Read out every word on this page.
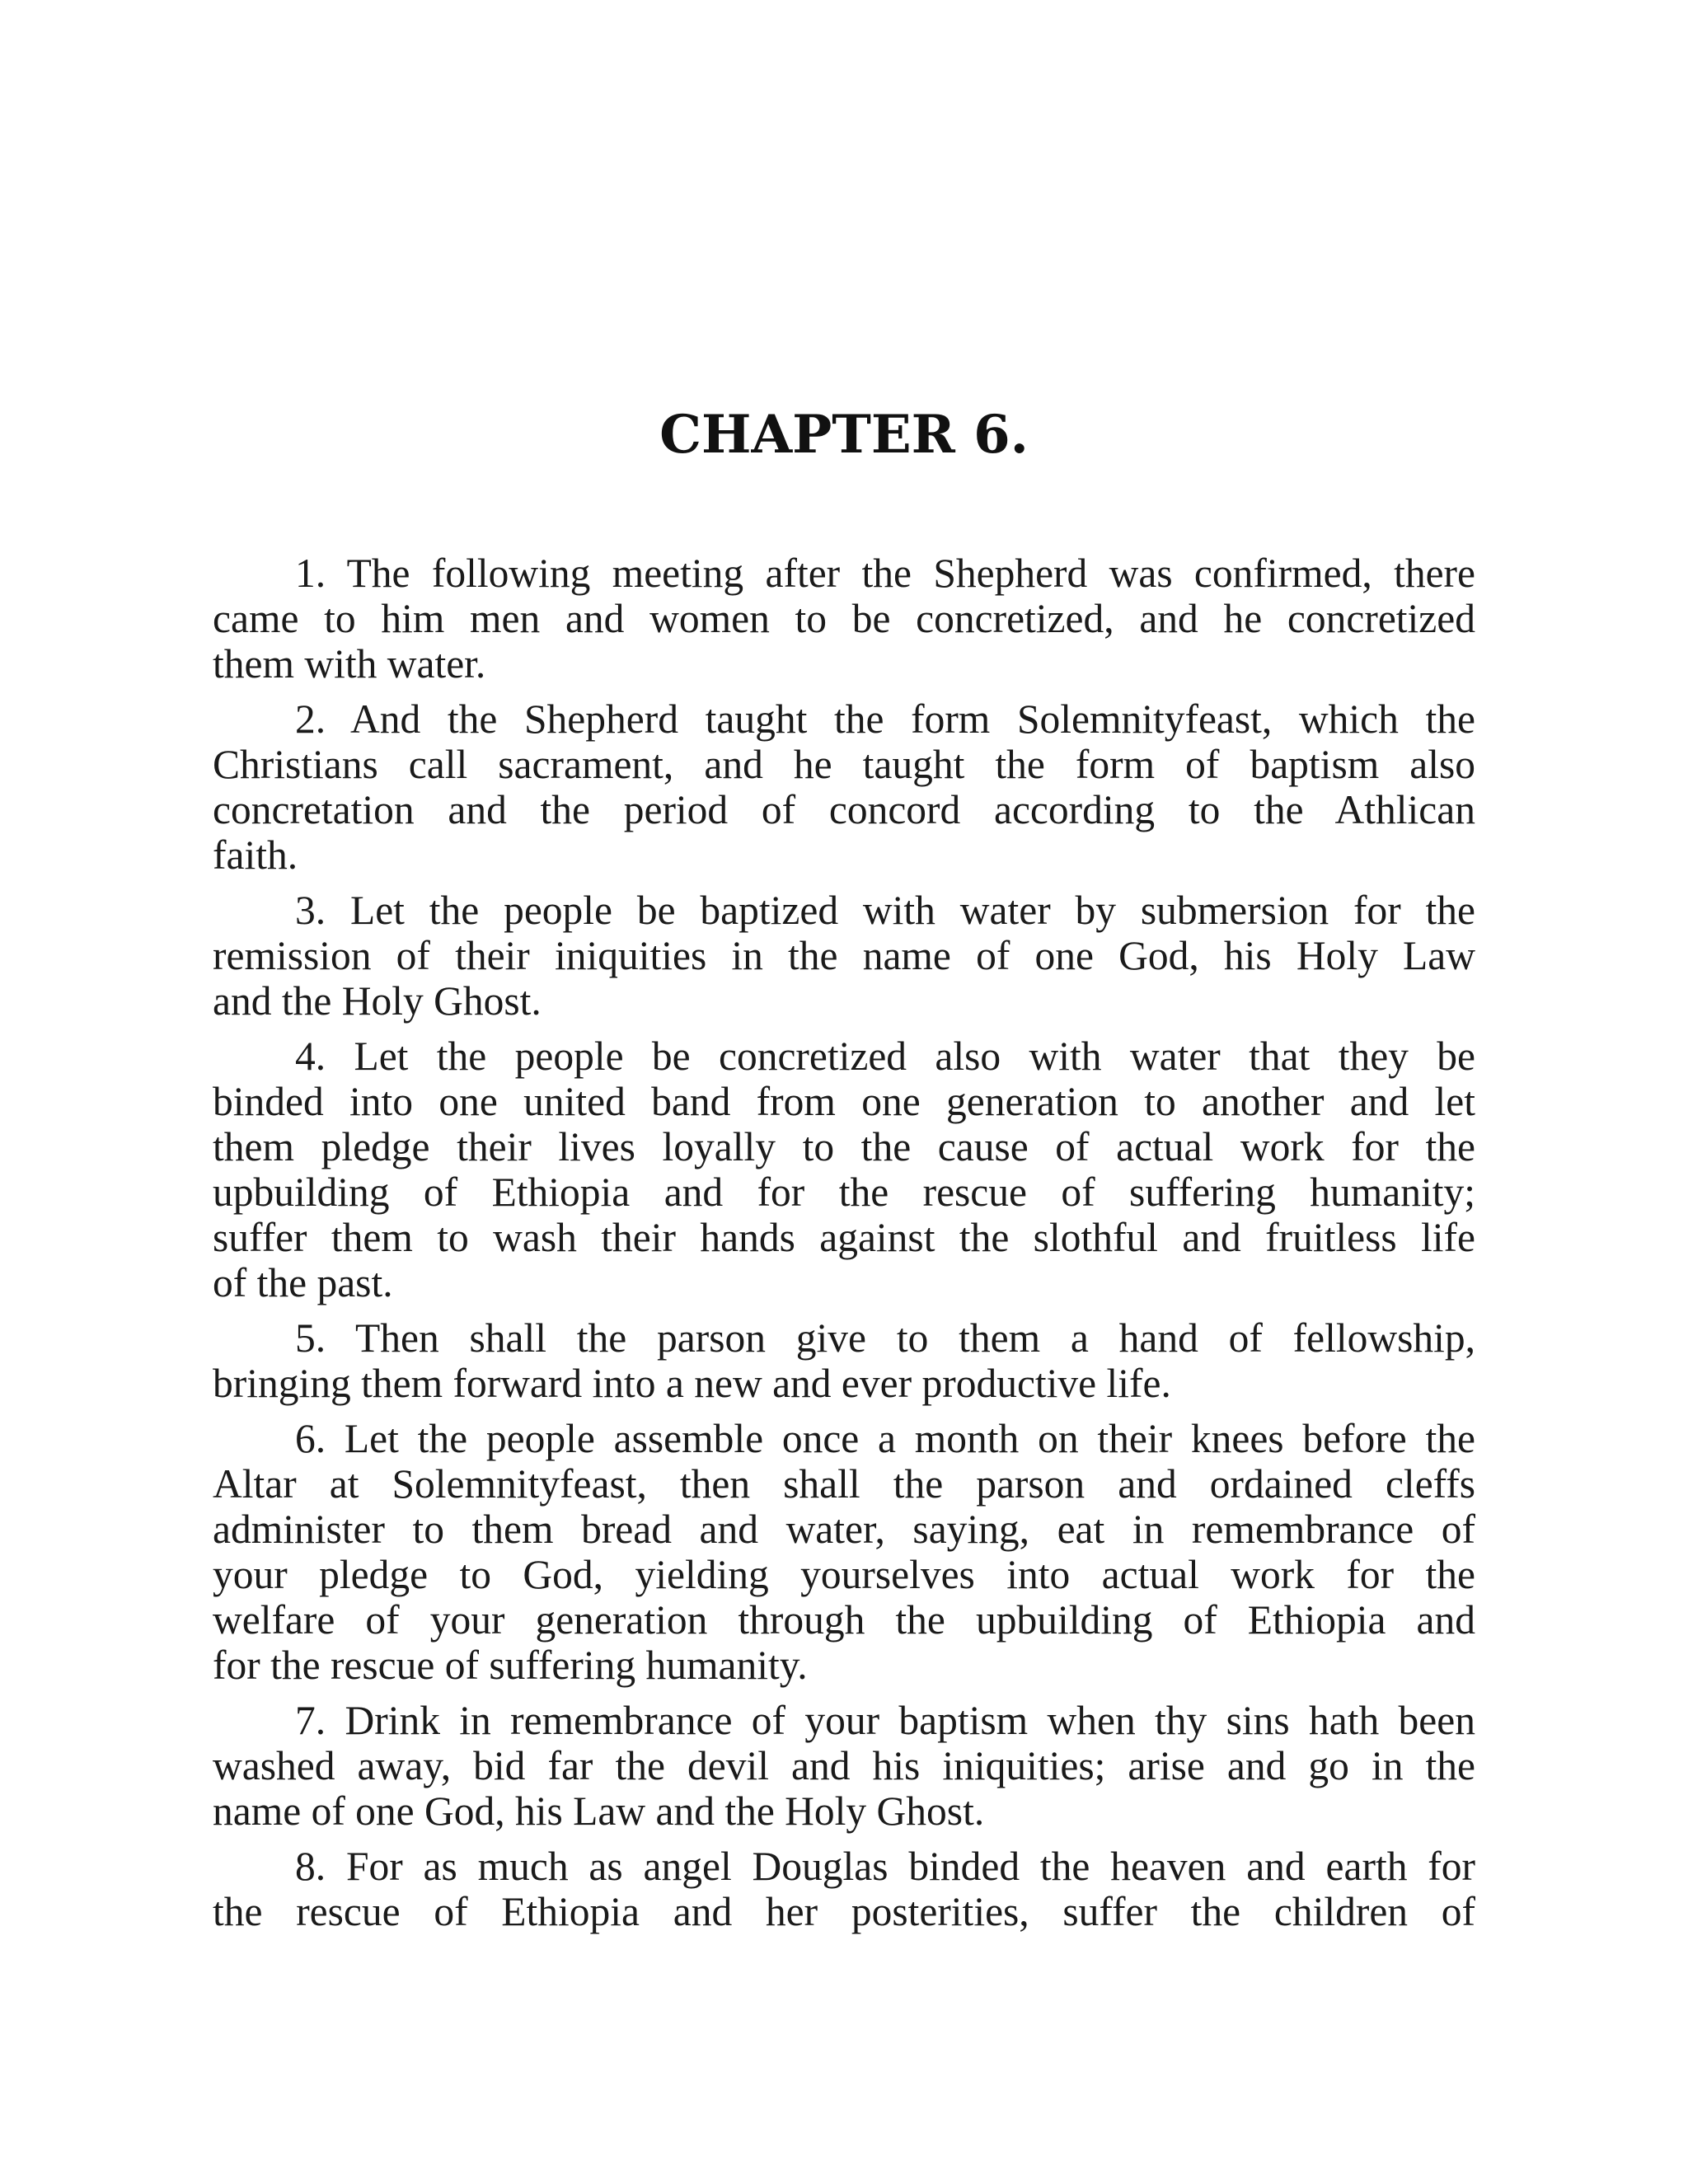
CHAPTER 6.

1. The following meeting after the Shepherd was confirmed, there
came to him men and women to be concretized, and he concretized
them with water.

2. And the Shepherd taught the form Solemnityfeast, which the
Christians call sacrament, and he taught the form of baptism also
concretation and the period of concord according to the Athlican
faith.

3. Let the people be baptized with water by submersion for the
remission of their iniquities in the name of one God, his Holy Law
and the Holy Ghost.

4. Let the people be concretized also with water that they be
binded into one united band from one generation to another and let
them pledge their lives loyally to the cause of actual work for the
upbuilding of Ethiopia and for the rescue of suffering humanity;
suffer them to wash their hands against the slothful and fruitless life
of the past.

5. Then shall the parson give to them a hand of fellowship,
bringing them forward into a new and ever productive life.

6. Let the people assemble once a month on their knees before the
Altar at Solemnityfeast, then shall the parson and ordained cleffs
administer to them bread and water, saying, eat in remembrance of
your pledge to God, yielding yourselves into actual work for the
welfare of your generation through the upbuilding of Ethiopia and
for the rescue of suffering humanity.

7. Drink in remembrance of your baptism when thy sins hath been
washed away, bid far the devil and his iniquities; arise and go in the
name of one God, his Law and the Holy Ghost.

8. For as much as angel Douglas binded the heaven and earth for
the rescue of Ethiopia and her posterities, suffer the children of
